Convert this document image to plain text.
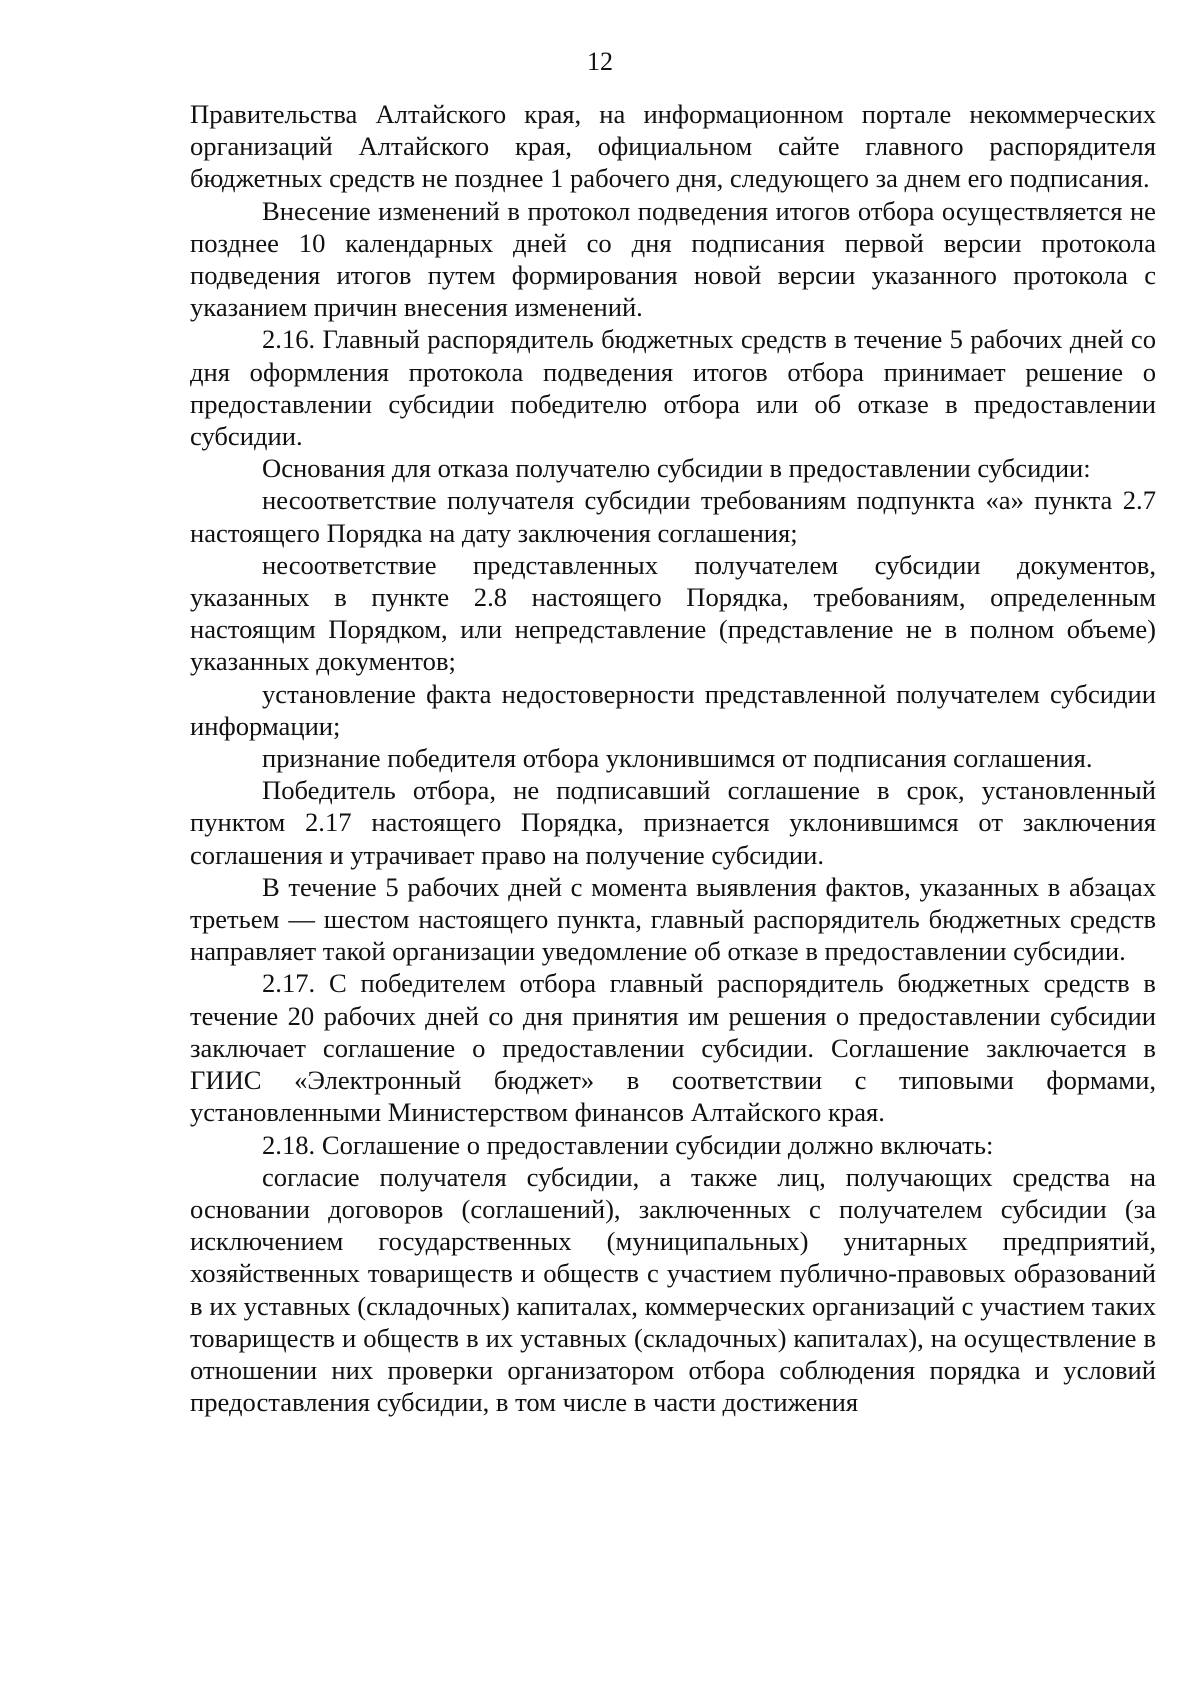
12

Правительства Алтайского края, на информационном портале некоммерческих организаций Алтайского края, официальном сайте главного распорядителя бюджетных средств не позднее 1 рабочего дня, следующего за днем его подписания.

Внесение изменений в протокол подведения итогов отбора осуществляется не позднее 10 календарных дней со дня подписания первой версии протокола подведения итогов путем формирования новой версии указанного протокола с указанием причин внесения изменений.

2.16. Главный распорядитель бюджетных средств в течение 5 рабочих дней со дня оформления протокола подведения итогов отбора принимает решение о предоставлении субсидии победителю отбора или об отказе в предоставлении субсидии.

Основания для отказа получателю субсидии в предоставлении субсидии:

несоответствие получателя субсидии требованиям подпункта «а» пункта 2.7 настоящего Порядка на дату заключения соглашения;

несоответствие представленных получателем субсидии документов, указанных в пункте 2.8 настоящего Порядка, требованиям, определенным настоящим Порядком, или непредставление (представление не в полном объеме) указанных документов;

установление факта недостоверности представленной получателем субсидии информации;

признание победителя отбора уклонившимся от подписания соглашения.

Победитель отбора, не подписавший соглашение в срок, установленный пунктом 2.17 настоящего Порядка, признается уклонившимся от заключения соглашения и утрачивает право на получение субсидии.

В течение 5 рабочих дней с момента выявления фактов, указанных в абзацах третьем — шестом настоящего пункта, главный распорядитель бюджетных средств направляет такой организации уведомление об отказе в предоставлении субсидии.

2.17. С победителем отбора главный распорядитель бюджетных средств в течение 20 рабочих дней со дня принятия им решения о предоставлении субсидии заключает соглашение о предоставлении субсидии. Соглашение заключается в ГИИС «Электронный бюджет» в соответствии с типовыми формами, установленными Министерством финансов Алтайского края.

2.18. Соглашение о предоставлении субсидии должно включать:

согласие получателя субсидии, а также лиц, получающих средства на основании договоров (соглашений), заключенных с получателем субсидии (за исключением государственных (муниципальных) унитарных предприятий, хозяйственных товариществ и обществ с участием публично-правовых образований в их уставных (складочных) капиталах, коммерческих организаций с участием таких товариществ и обществ в их уставных (складочных) капиталах), на осуществление в отношении них проверки организатором отбора соблюдения порядка и условий предоставления субсидии, в том числе в части достижения
